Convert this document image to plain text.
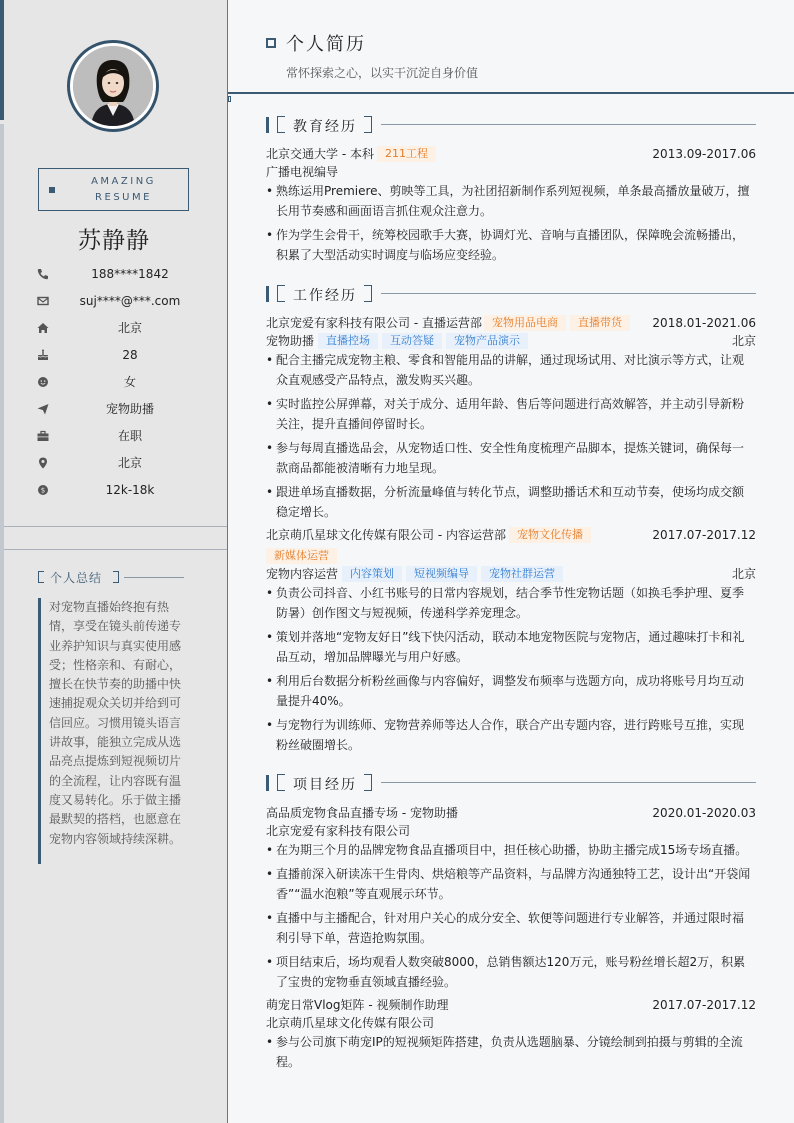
AMAZING
RESUME
苏静静
188****1842
suj****@***.com
北京
28
女
宠物助播
在职
北京
$	12k-18k
个人总结
对宠物直播始终抱有热情，享受在镜头前传递专业养护知识与真实使用感受；性格亲和、有耐心，擅长在快节奏的助播中快速捕捉观众关切并给到可信回应。习惯用镜头语言讲故事，能独立完成从选品亮点提炼到短视频切片的全流程，让内容既有温度又易转化。乐于做主播最默契的搭档，也愿意在宠物内容领域持续深耕。
个人简历
常怀探索之心，以实干沉淀自身价值
教育经历
北京交通大学 - 本科	211工程	2013.09-2017.06
广播电视编导
• 熟练运用Premiere、剪映等工具，为社团招新制作系列短视频，单条最高播放量破万，擅长用节奏感和画面语言抓住观众注意力。
• 作为学生会骨干，统筹校园歌手大赛，协调灯光、音响与直播团队，保障晚会流畅播出，积累了大型活动实时调度与临场应变经验。
工作经历
北京宠爱有家科技有限公司 - 直播运营部 宠物用品电商	直播带货	2018.01-2021.06
宠物助播	直播控场	互动答疑	宠物产品演示	北京
• 配合主播完成宠物主粮、零食和智能用品的讲解，通过现场试用、对比演示等方式，让观众直观感受产品特点，激发购买兴趣。
• 实时监控公屏弹幕，对关于成分、适用年龄、售后等问题进行高效解答，并主动引导新粉关注，提升直播间停留时长。
• 参与每周直播选品会，从宠物适口性、安全性角度梳理产品脚本，提炼关键词，确保每一款商品都能被清晰有力地呈现。
• 跟进单场直播数据，分析流量峰值与转化节点，调整助播话术和互动节奏，使场均成交额稳定增长。
北京萌爪星球文化传媒有限公司 - 内容运营部	宠物文化传播	2017.07-2017.12
新媒体运营
宠物内容运营	内容策划	短视频编导	宠物社群运营	北京
• 负责公司抖音、小红书账号的日常内容规划，结合季节性宠物话题（如换毛季护理、夏季防暑）创作图文与短视频，传递科学养宠理念。
• 策划并落地“宠物友好日”线下快闪活动，联动本地宠物医院与宠物店，通过趣味打卡和礼品互动，增加品牌曝光与用户好感。
• 利用后台数据分析粉丝画像与内容偏好，调整发布频率与选题方向，成功将账号月均互动量提升40%。
• 与宠物行为训练师、宠物营养师等达人合作，联合产出专题内容，进行跨账号互推，实现粉丝破圈增长。
项目经历
高品质宠物食品直播专场 - 宠物助播	2020.01-2020.03
北京宠爱有家科技有限公司
• 在为期三个月的品牌宠物食品直播项目中，担任核心助播，协助主播完成15场专场直播。
• 直播前深入研读冻干生骨肉、烘焙粮等产品资料，与品牌方沟通独特工艺，设计出“开袋闻香”“温水泡粮”等直观展示环节。
• 直播中与主播配合，针对用户关心的成分安全、软便等问题进行专业解答，并通过限时福利引导下单，营造抢购氛围。
• 项目结束后，场均观看人数突破8000，总销售额达120万元，账号粉丝增长超2万，积累了宝贵的宠物垂直领域直播经验。
萌宠日常Vlog矩阵 - 视频制作助理	2017.07-2017.12
北京萌爪星球文化传媒有限公司
• 参与公司旗下萌宠IP的短视频矩阵搭建，负责从选题脑暴、分镜绘制到拍摄与剪辑的全流程。
